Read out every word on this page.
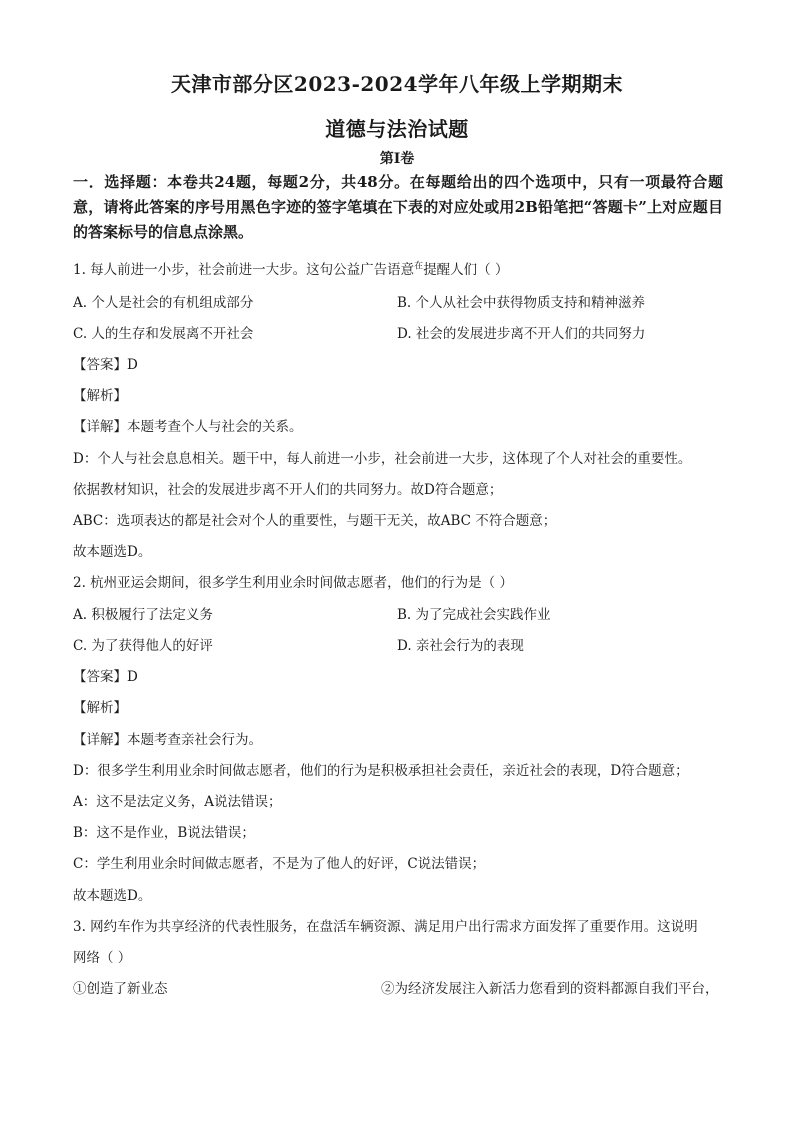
天津市部分区2023-2024学年八年级上学期期末
道德与法治试题
第I卷
一．选择题：本卷共24题，每题2分，共48分。在每题给出的四个选项中，只有一项最符合题意，请将此答案的序号用黑色字迹的签字笔填在下表的对应处或用2B铅笔把“答题卡”上对应题目的答案标号的信息点涂黑。
1. 每人前进一小步，社会前进一大步。这句公益广告语意$^在$提醒人们（ ）
A. 个人是社会的有机组成部分	B. 个人从社会中获得物质支持和精神滋养
C. 人的生存和发展离不开社会	D. 社会的发展进步离不开人们的共同努力
【答案】D
【解析】
【详解】本题考查个人与社会的关系。
D：个人与社会息息相关。题干中，每人前进一小步，社会前进一大步，这体现了个人对社会的重要性。
依据教材知识，社会的发展进步离不开人们的共同努力。故D符合题意；
ABC：选项表达的都是社会对个人的重要性，与题干无关，故ABC 不符合题意；
故本题选D。
2. 杭州亚运会期间，很多学生利用业余时间做志愿者，他们的行为是（ ）
A. 积极履行了法定义务	B. 为了完成社会实践作业
C. 为了获得他人的好评	D. 亲社会行为的表现
【答案】D
【解析】
【详解】本题考查亲社会行为。
D：很多学生利用业余时间做志愿者，他们的行为是积极承担社会责任，亲近社会的表现，D符合题意；
A：这不是法定义务，A说法错误；
B：这不是作业，B说法错误；
C：学生利用业余时间做志愿者，不是为了他人的好评，C说法错误；
故本题选D。
3. 网约车作为共享经济的代表性服务，在盘活车辆资源、满足用户出行需求方面发挥了重要作用。这说明
网络（ ）
①创造了新业态	②为经济发展注入新活力您看到的资料都源自我们平台，
